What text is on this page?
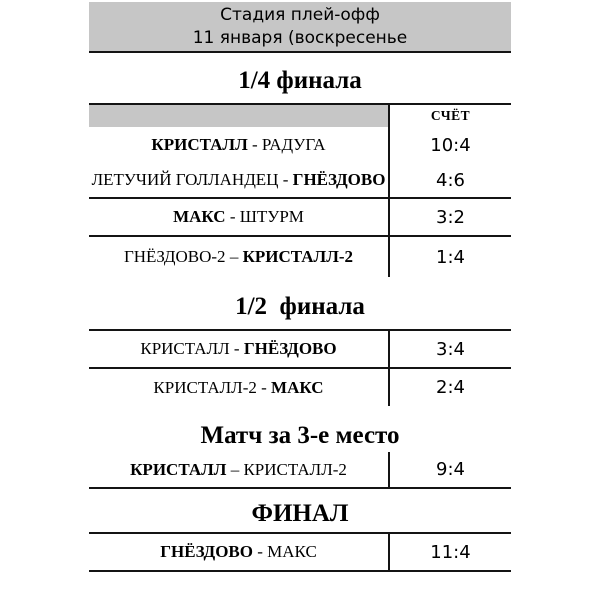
Стадия плей-офф
11 января (воскресенье
1/4 финала
СЧЁТ
КРИСТАЛЛ - РАДУГА	10:4
ЛЕТУЧИЙ ГОЛЛАНДЕЦ - ГНЁЗДОВО	4:6
МАКС - ШТУРМ	3:2
ГНЁЗДОВО-2 – КРИСТАЛЛ-2	1:4
1/2  финала
КРИСТАЛЛ - ГНЁЗДОВО	3:4
КРИСТАЛЛ-2 - МАКС	2:4
Матч за 3-е место
КРИСТАЛЛ – КРИСТАЛЛ-2	9:4
ФИНАЛ
ГНЁЗДОВО - МАКС	11:4
